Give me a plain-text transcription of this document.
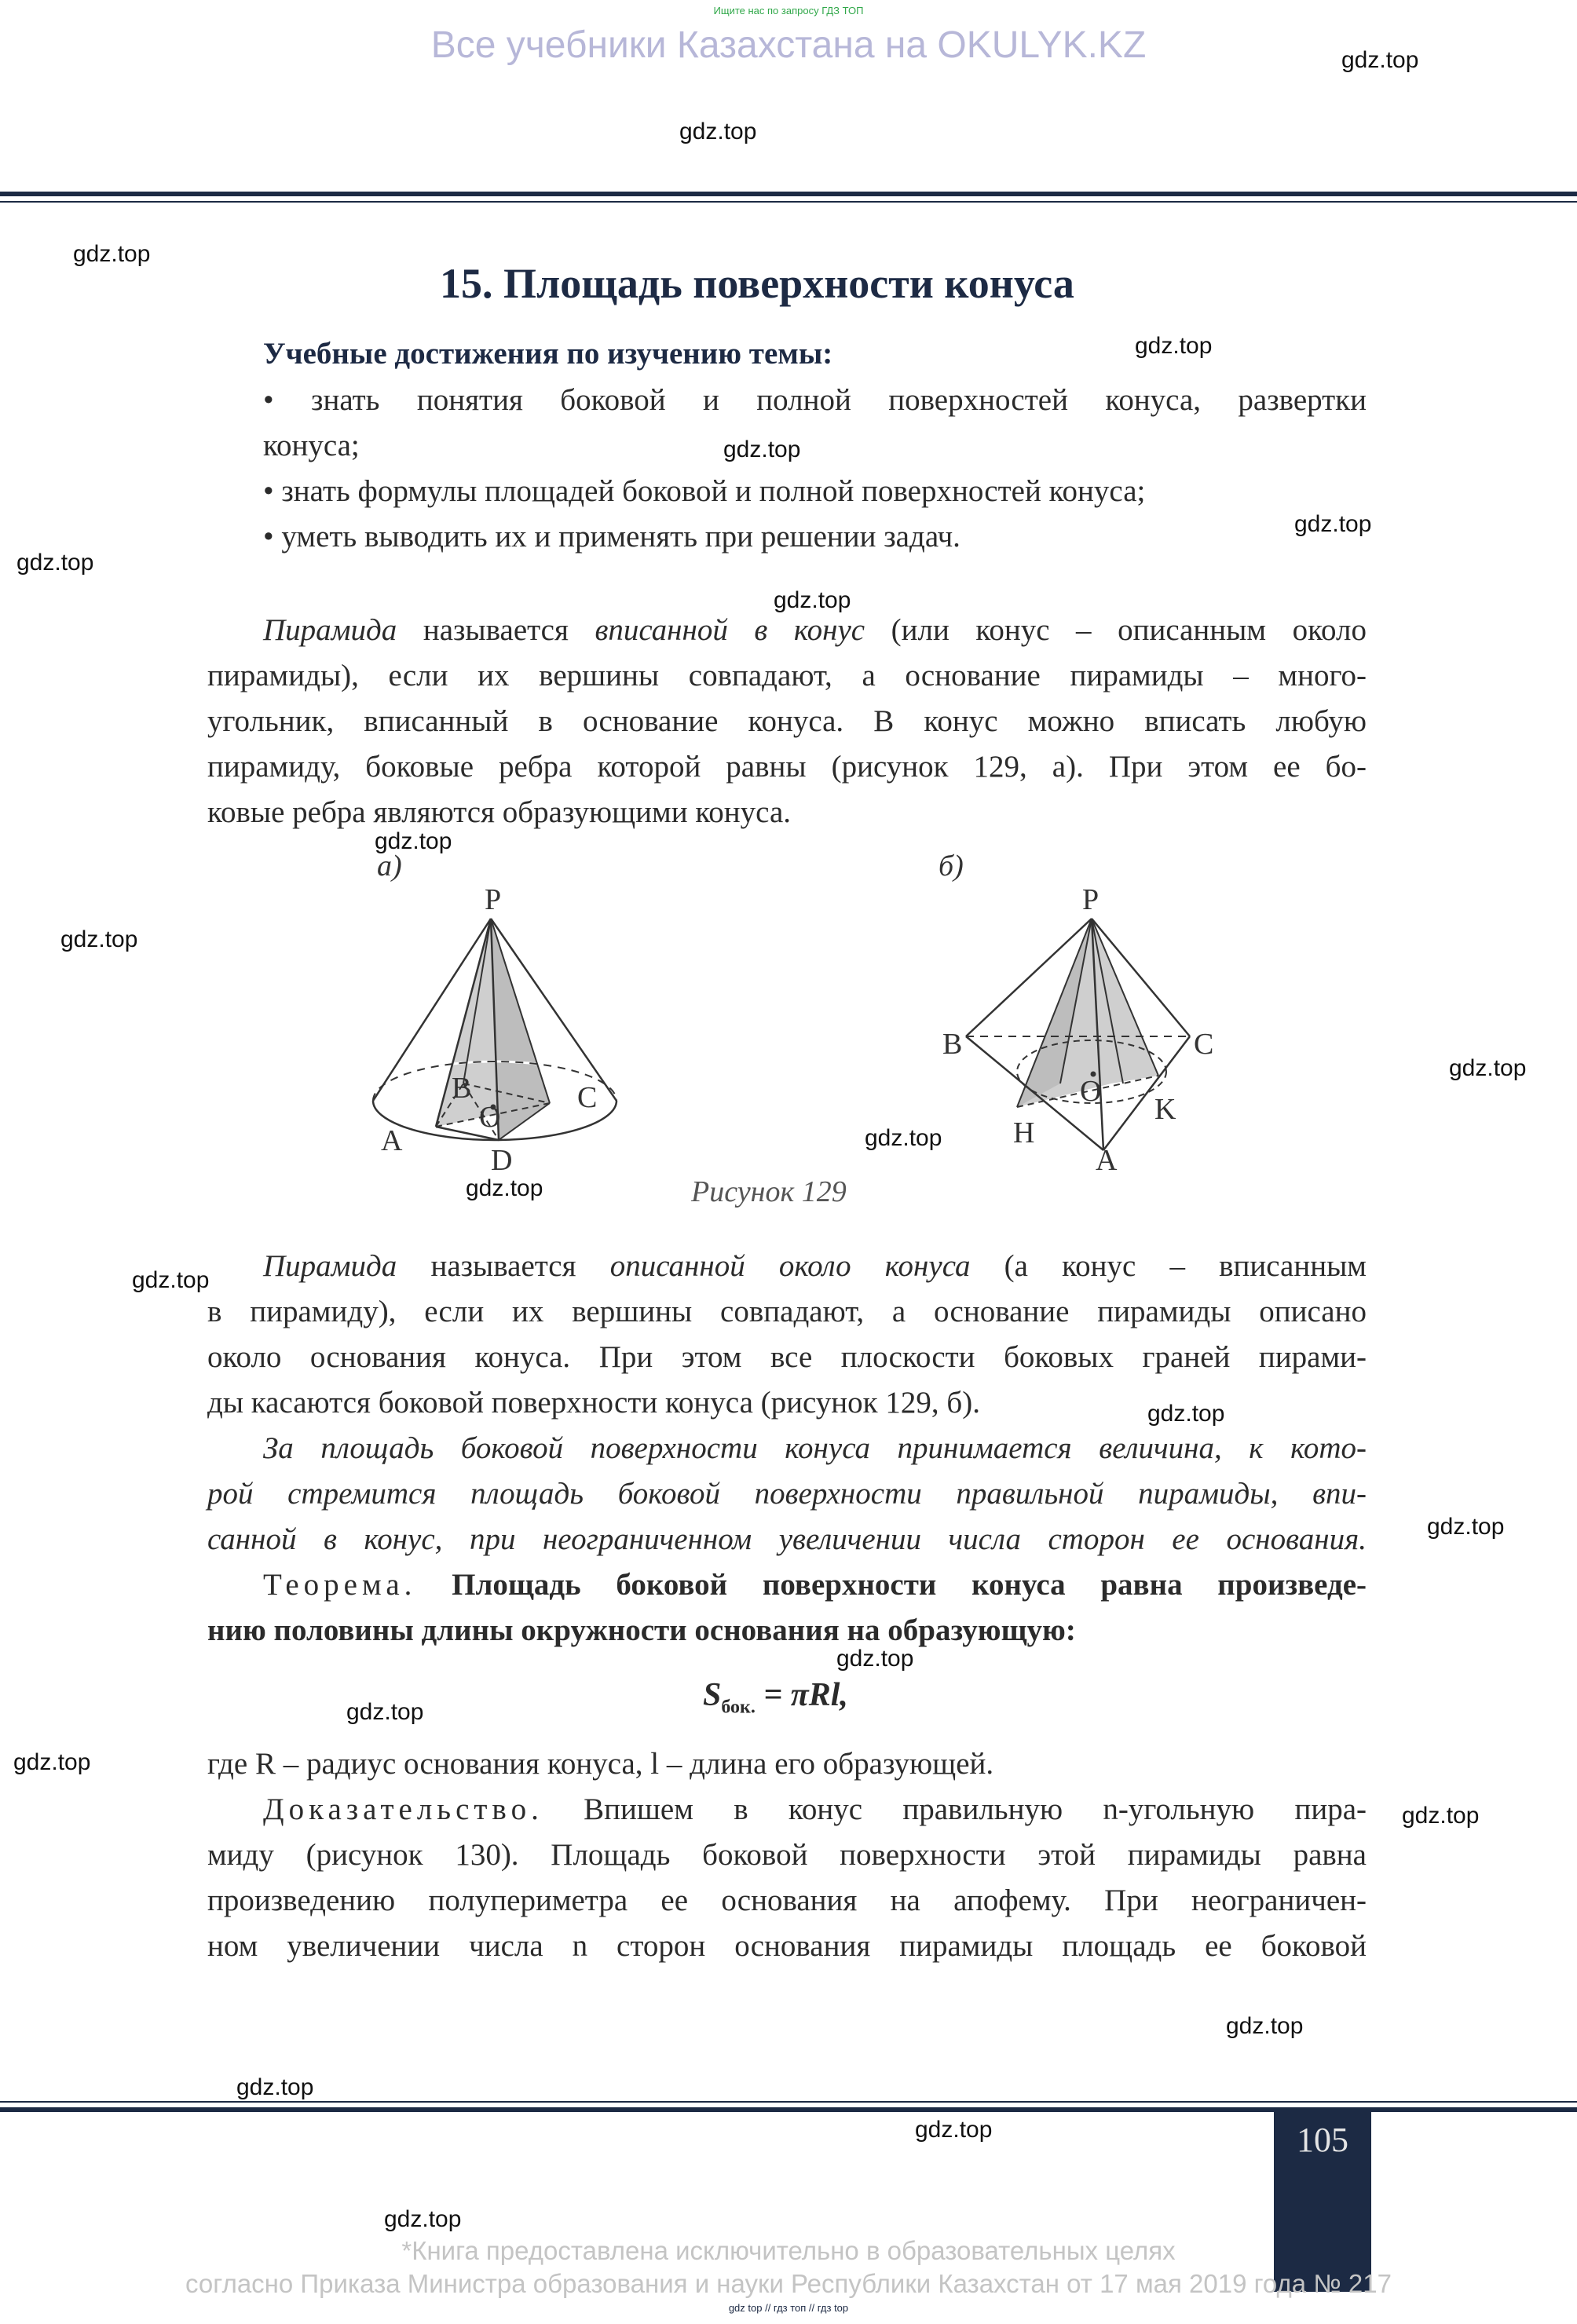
Ищите нас по запросу ГДЗ ТОП
Все учебники Казахстана на OKULYK.KZ	gdz.top
gdz.top
gdz.top
gdz.top
gdz.top
gdz.top
gdz.top
gdz.top
gdz.top
gdz.top
gdz.top
gdz.top
gdz.top
gdz.top
gdz.top
gdz.top
gdz.top
gdz.top
gdz.top
gdz.top
gdz.top
gdz.top
gdz.top
gdz.top
15. Площадь поверхности конуса
Учебные достижения по изучению темы:
• знать понятия боковой и полной поверхностей конуса, развертки
конуса;
• знать формулы площадей боковой и полной поверхностей конуса;
• уметь выводить их и применять при решении задач.
Пирамида называется вписанной в конус (или конус – описанным около
пирамиды), если их вершины совпадают, а основание пирамиды – много-
угольник, вписанный в основание конуса. В конус можно вписать любую
пирамиду, боковые ребра которой равны (рисунок 129, а). При этом ее бо-
ковые ребра являются образующими конуса.
а)
P
A
B
O
C
D
б)
P
B	C
H
O
K
A
Рисунок 129
Пирамида называется описанной около конуса (а конус – вписанным
в пирамиду), если их вершины совпадают, а основание пирамиды описано
около основания конуса. При этом все плоскости боковых граней пирами-
ды касаются боковой поверхности конуса (рисунок 129, б).
За площадь боковой поверхности конуса принимается величина, к кото-
рой стремится площадь боковой поверхности правильной пирамиды, впи-
санной в конус, при неограниченном увеличении числа сторон ее основания.
Теорема. Площадь боковой поверхности конуса равна произведе-
нию половины длины окружности основания на образующую:
$S_{бок.} = \pi Rl$,
где R – радиус основания конуса, l – длина его образующей.
Доказательство. Впишем в конус правильную n-угольную пира-
миду (рисунок 130). Площадь боковой поверхности этой пирамиды равна
произведению полупериметра ее основания на апофему. При неограничен-
ном увеличении числа n сторон основания пирамиды площадь ее боковой
105
*Книга предоставлена исключительно в образовательных целях
согласно Приказа Министра образования и науки Республики Казахстан от 17 мая 2019 года № 217
gdz top // гдз топ // гдз top
